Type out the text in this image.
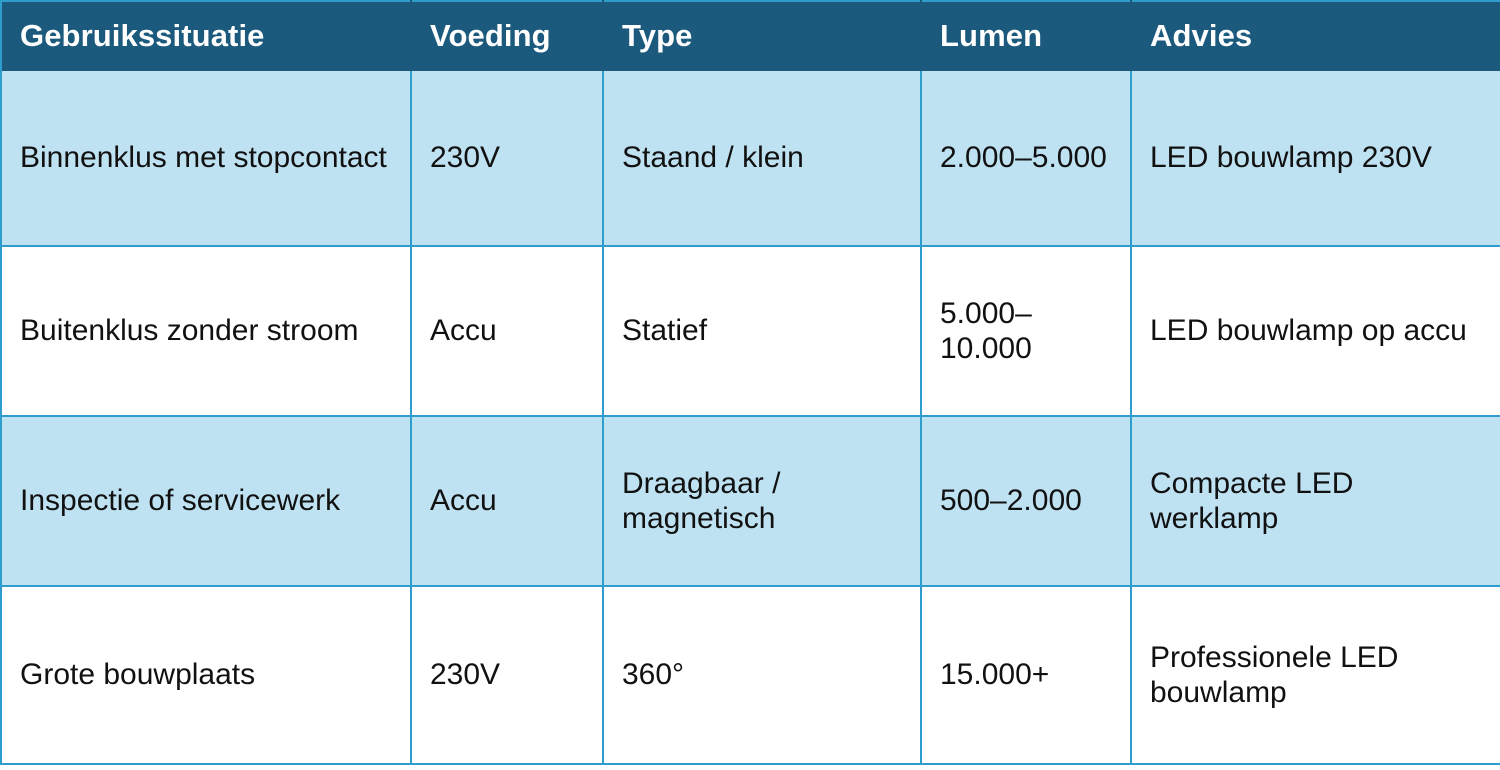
Gebruikssituatie	Voeding	Type	Lumen	Advies
Binnenklus met stopcontact	230V	Staand / klein	2.000–5.000	LED bouwlamp 230V
Buitenklus zonder stroom	Accu	Statief	5.000–10.000	LED bouwlamp op accu
Inspectie of servicewerk	Accu	Draagbaar / magnetisch	500–2.000	Compacte LED werklamp
Grote bouwplaats	230V	360°	15.000+	Professionele LED bouwlamp
